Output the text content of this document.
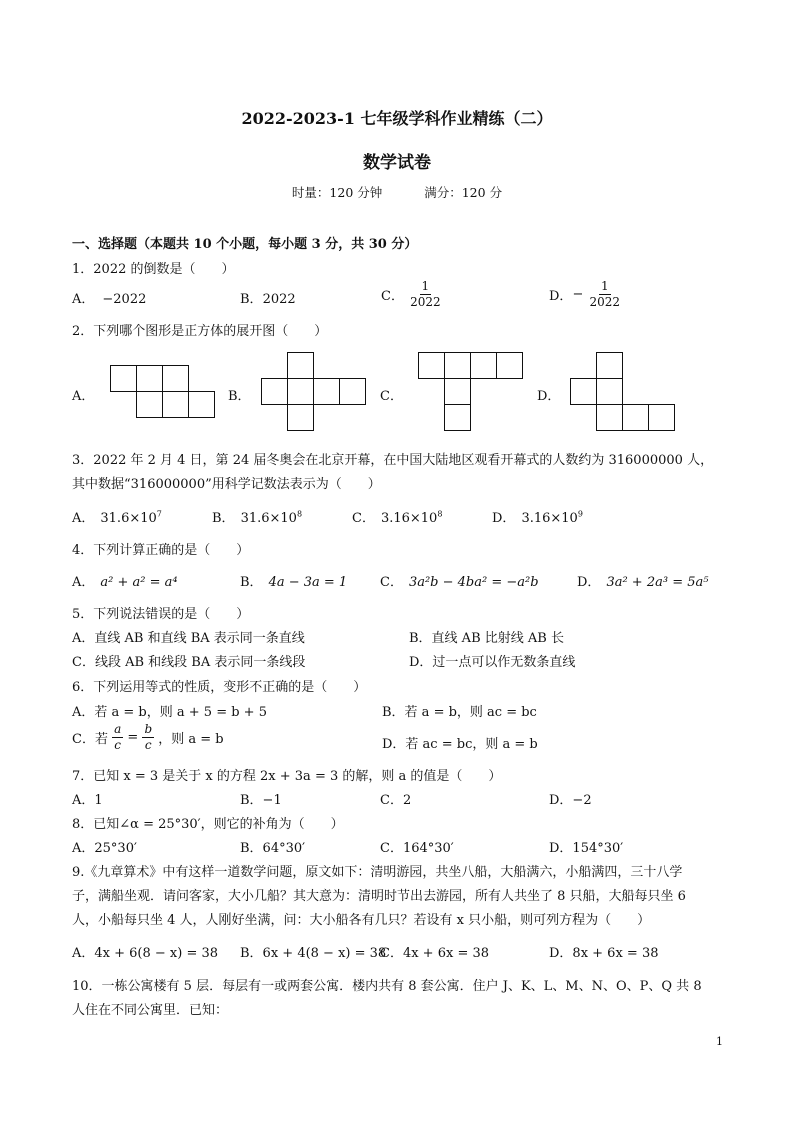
2022-2023-1 七年级学科作业精练（二）
数学试卷
时量：120 分钟	满分：120 分
一、选择题（本题共 10 个小题，每小题 3 分，共 30 分）
1．2022 的倒数是（　　）
A． −2022	B．2022	C． $\frac{1}{2022}$	D．− $\frac{1}{2022}$
2．下列哪个图形是正方体的展开图（　　）
A．	B．	C．	D．
3．2022 年 2 月 4 日，第 24 届冬奥会在北京开幕，在中国大陆地区观看开幕式的人数约为 316000000 人，
其中数据“316000000”用科学记数法表示为（　　）
A． $31.6\times 10^7$	B． $31.6\times 10^8$	C． $3.16\times 10^8$	D． $3.16\times 10^9$
4．下列计算正确的是（　　）
A． a² + a² = a⁴	B． 4a − 3a = 1	C． 3a²b − 4ba² = −a²b	D． 3a² + 2a³ = 5a⁵
5．下列说法错误的是（　　）
A．直线 AB 和直线 BA 表示同一条直线	B．直线 AB 比射线 AB 长
C．线段 AB 和线段 BA 表示同一条线段	D．过一点可以作无数条直线
6．下列运用等式的性质，变形不正确的是（　　）
A．若 a = b，则 a + 5 = b + 5	B．若 a = b，则 ac = bc
C．若 $\frac{a}{c} = \frac{b}{c}$ ，则 a = b	D．若 ac = bc，则 a = b
7．已知 x = 3 是关于 x 的方程 2x + 3a = 3 的解，则 a 的值是（　　）
A．1	B．−1	C．2	D．−2
8．已知∠α = 25°30′，则它的补角为（　　）
A．25°30′	B．64°30′	C．164°30′	D．154°30′
9.《九章算术》中有这样一道数学问题，原文如下：清明游园，共坐八船，大船满六，小船满四，三十八学
子，满船坐观．请问客家，大小几船？其大意为：清明时节出去游园，所有人共坐了 8 只船，大船每只坐 6
人，小船每只坐 4 人，人刚好坐满，问：大小船各有几只？若设有 x 只小船，则可列方程为（　　）
A．4x + 6(8 − x) = 38 B．6x + 4(8 − x) = 38
C．4x + 6x = 38	D．8x + 6x = 38
10．一栋公寓楼有 5 层．每层有一或两套公寓．楼内共有 8 套公寓．住户 J、K、L、M、N、O、P、Q 共 8
人住在不同公寓里．已知：
1
